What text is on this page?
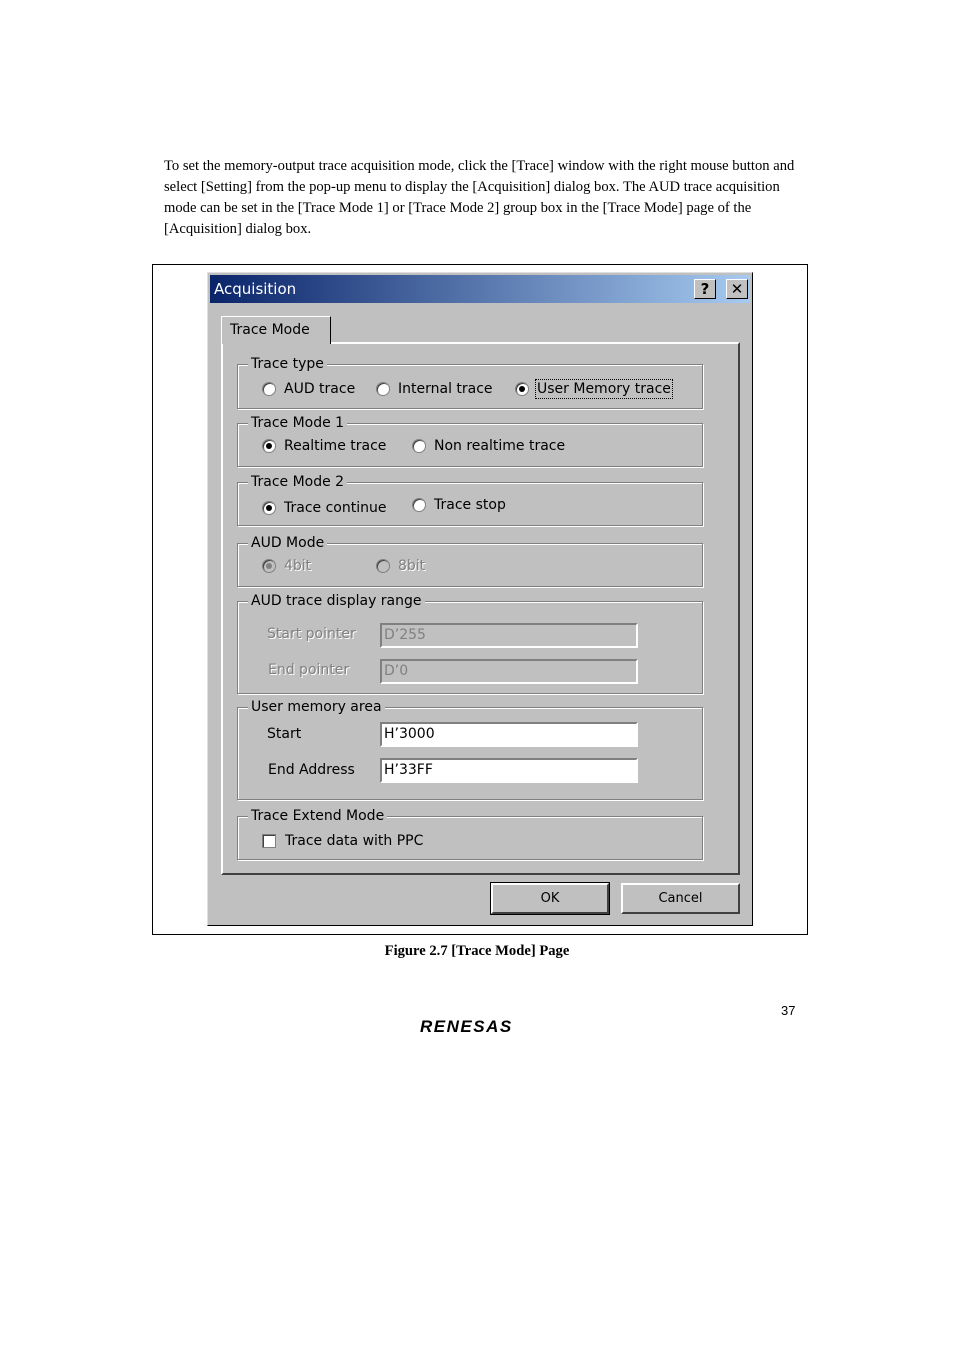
To set the memory-output trace acquisition mode, click the [Trace] window with the right mouse button and select [Setting] from the pop-up menu to display the [Acquisition] dialog box. The AUD trace acquisition mode can be set in the [Trace Mode 1] or [Trace Mode 2] group box in the [Trace Mode] page of the [Acquisition] dialog box.
Acquisition	?	✕
Trace Mode
Trace type
AUD trace	Internal trace	User Memory trace
Trace Mode 1
Realtime trace	Non realtime trace
Trace Mode 2
Trace continue	Trace stop
AUD Mode
4bit	8bit
AUD trace display range
Start pointer D’255
End pointer D’0
User memory area
Start	H’3000
End Address H’33FF
Trace Extend Mode
Trace data with PPC
OK	Cancel
Figure 2.7 [Trace Mode] Page
37
RENESAS
